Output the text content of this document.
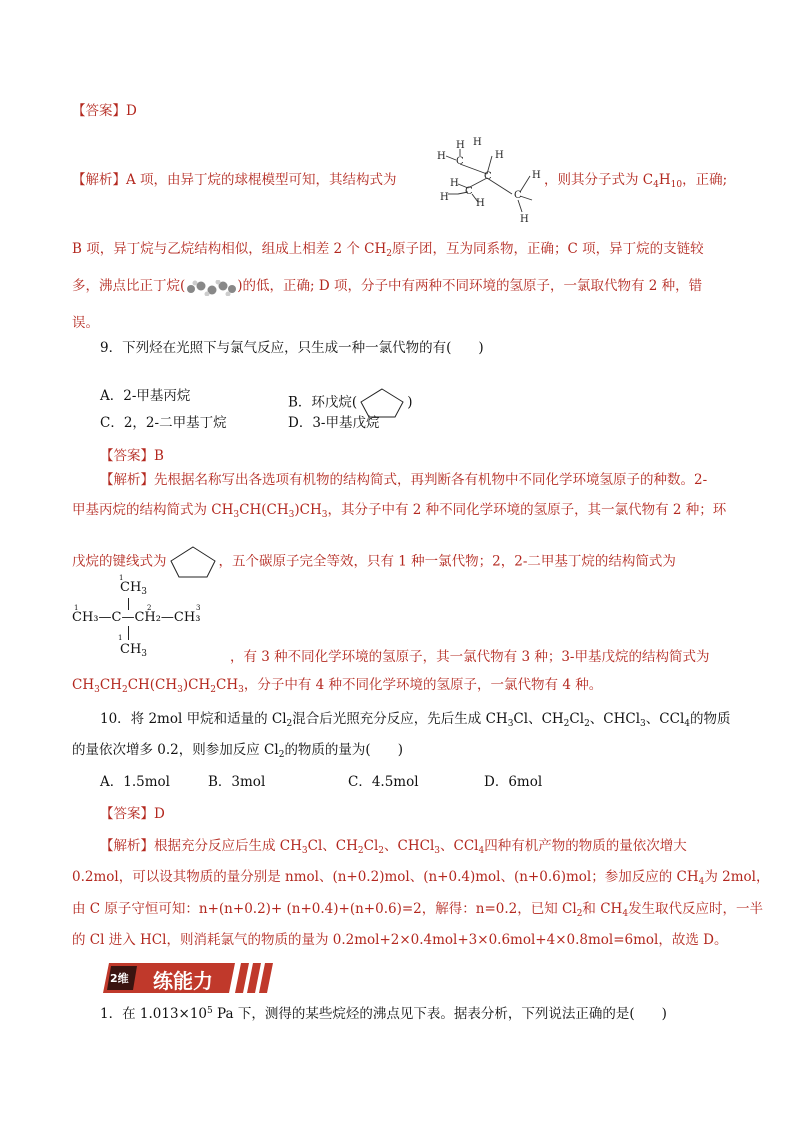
【答案】D
【解析】A 项，由异丁烷的球棍模型可知，其结构式为
H
H
H
C
C
H
H
C
H	C
H
H
H
，则其分子式为 $C_4H_{10}$，正确;
B 项，异丁烷与乙烷结构相似，组成上相差 2 个 $CH_2$原子团，互为同系物，正确；C 项，异丁烷的支链较
多，沸点比正丁烷(	)的低，正确; D 项，分子中有两种不同环境的氢原子，一氯取代物有 2 种，错
误。
9．下列烃在光照下与氯气反应，只生成一种一氯代物的有(　　)
A．2-甲基丙烷	B．环戊烷(	)
C．2，2-二甲基丁烷	D．3-甲基戊烷
【答案】B
【解析】先根据名称写出各选项有机物的结构简式，再判断各有机物中不同化学环境氢原子的种数。2-
甲基丙烷的结构简式为 $CH_3CH(CH_3)CH_3$，其分子中有 2 种不同化学环境的氢原子，其一氯代物有 2 种；环
戊烷的键线式为	，五个碳原子完全等效，只有 1 种一氯代物；2，2-二甲基丁烷的结构简式为
1
$CH_3$
1	2	3
CH₃—C—CH₂—CH₃
1
$CH_3$	，有 3 种不同化学环境的氢原子，其一氯代物有 3 种；3-甲基戊烷的结构简式为
$CH_3CH_2CH(CH_3)CH_2CH_3$，分子中有 4 种不同化学环境的氢原子，一氯代物有 4 种。
10．将 2mol 甲烷和适量的 $Cl_2$混合后光照充分反应，先后生成 $CH_3Cl$、$CH_2Cl_2$、CHCl$_3$、CCl$_4$的物质
的量依次增多 0.2，则参加反应 $Cl_2$的物质的量为(　　)
A．1.5mol	B．3mol	C．4.5mol	D．6mol
【答案】D
【解析】根据充分反应后生成 $CH_3Cl$、$CH_2Cl_2$、CHCl$_3$、CCl$_4$四种有机产物的物质的量依次增大
0.2mol，可以设其物质的量分别是 nmol、(n+0.2)mol、(n+0.4)mol、(n+0.6)mol；参加反应的 $CH_4$为 2mol，
由 C 原子守恒可知：n+(n+0.2)+ (n+0.4)+(n+0.6)=2，解得：n=0.2，已知 $Cl_2$和 $CH_4$发生取代反应时，一半
的 Cl 进入 HCl，则消耗氯气的物质的量为 0.2mol+2×0.4mol+3×0.6mol+4×0.8mol=6mol，故选 D。
2维 练能力
1．在 $1.013\times 10^5$ Pa 下，测得的某些烷烃的沸点见下表。据表分析，下列说法正确的是(　　)
